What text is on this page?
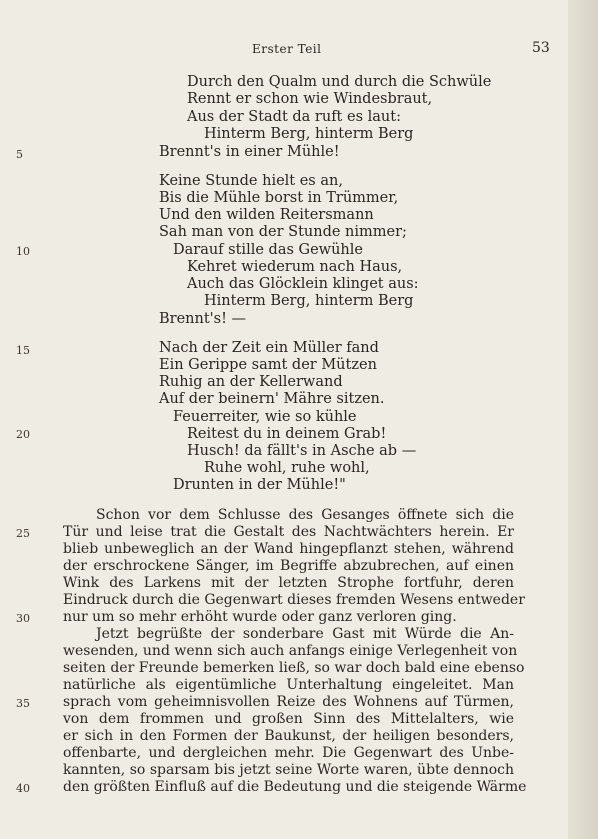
Erster Teil	53
Durch den Qualm und durch die Schwüle
Rennt er schon wie Windesbraut,
Aus der Stadt da ruft es laut:
Hinterm Berg, hinterm Berg
Brennt's in einer Mühle!
Keine Stunde hielt es an,
Bis die Mühle borst in Trümmer,
Und den wilden Reitersmann
Sah man von der Stunde nimmer;
Darauf stille das Gewühle
Kehret wiederum nach Haus,
Auch das Glöcklein klinget aus:
Hinterm Berg, hinterm Berg
Brennt's! —
Nach der Zeit ein Müller fand
Ein Gerippe samt der Mützen
Ruhig an der Kellerwand
Auf der beinern' Mähre sitzen.
Feuerreiter, wie so kühle
Reitest du in deinem Grab!
Husch! da fällt's in Asche ab —
Ruhe wohl, ruhe wohl,
Drunten in der Mühle!"
Schon vor dem Schlusse des Gesanges öffnete sich die
Tür und leise trat die Gestalt des Nachtwächters herein. Er
blieb unbeweglich an der Wand hingepflanzt stehen, während
der erschrockene Sänger, im Begriffe abzubrechen, auf einen
Wink des Larkens mit der letzten Strophe fortfuhr, deren
Eindruck durch die Gegenwart dieses fremden Wesens entweder
nur um so mehr erhöht wurde oder ganz verloren ging.
Jetzt begrüßte der sonderbare Gast mit Würde die An-
wesenden, und wenn sich auch anfangs einige Verlegenheit von
seiten der Freunde bemerken ließ, so war doch bald eine ebenso
natürliche als eigentümliche Unterhaltung eingeleitet. Man
sprach vom geheimnisvollen Reize des Wohnens auf Türmen,
von dem frommen und großen Sinn des Mittelalters, wie
er sich in den Formen der Baukunst, der heiligen besonders,
offenbarte, und dergleichen mehr. Die Gegenwart des Unbe-
kannten, so sparsam bis jetzt seine Worte waren, übte dennoch
den größten Einfluß auf die Bedeutung und die steigende Wärme
5
10
15
20
25
30
35
40
